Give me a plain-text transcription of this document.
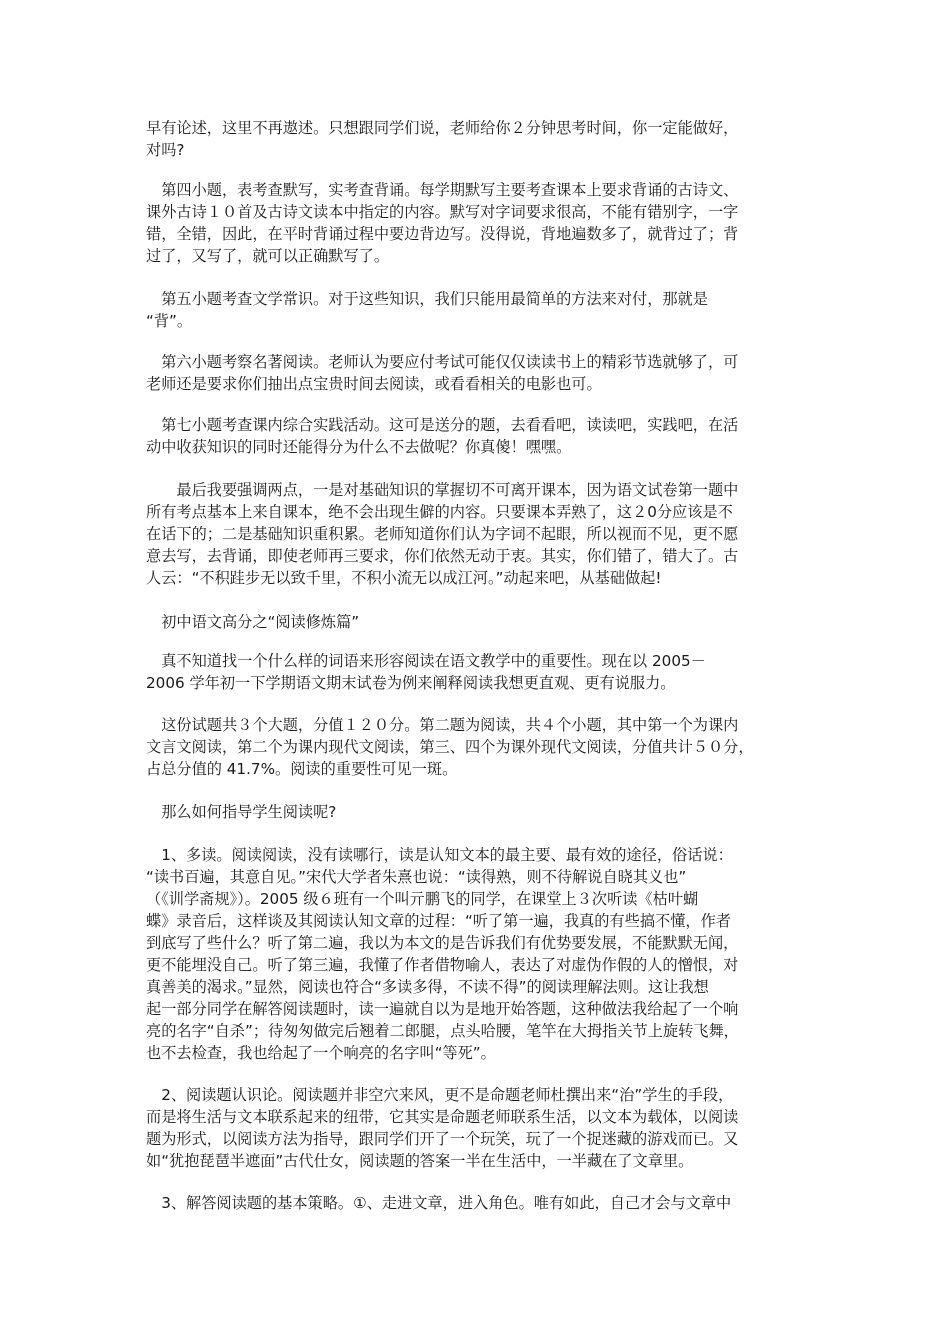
早有论述，这里不再遨述。只想跟同学们说，老师给你２分钟思考时间，你一定能做好，
对吗?
　第四小题，表考查默写，实考查背诵。每学期默写主要考查课本上要求背诵的古诗文、
课外古诗１０首及古诗文读本中指定的内容。默写对字词要求很高，不能有错别字，一字
错，全错，因此，在平时背诵过程中要边背边写。没得说，背地遍数多了，就背过了；背
过了，又写了，就可以正确默写了。
　第五小题考查文学常识。对于这些知识，我们只能用最简单的方法来对付，那就是
“背”。
　第六小题考察名著阅读。老师认为要应付考试可能仅仅读读书上的精彩节选就够了，可
老师还是要求你们抽出点宝贵时间去阅读，或看看相关的电影也可。
　第七小题考查课内综合实践活动。这可是送分的题，去看看吧，读读吧，实践吧，在活
动中收获知识的同时还能得分为什么不去做呢？你真傻！嘿嘿。
　　最后我要强调两点，一是对基础知识的掌握切不可离开课本，因为语文试卷第一题中
所有考点基本上来自课本，绝不会出现生僻的内容。只要课本弄熟了，这２0分应该是不
在话下的；二是基础知识重积累。老师知道你们认为字词不起眼，所以视而不见，更不愿
意去写，去背诵，即使老师再三要求，你们依然无动于衷。其实，你们错了，错大了。古
人云：“不积跬步无以致千里，不积小流无以成江河。”动起来吧，从基础做起!
　初中语文高分之“阅读修炼篇”
　真不知道找一个什么样的词语来形容阅读在语文教学中的重要性。现在以 2005－
2006 学年初一下学期语文期末试卷为例来阐释阅读我想更直观、更有说服力。
　这份试题共３个大题，分值１２０分。第二题为阅读，共４个小题，其中第一个为课内
文言文阅读，第二个为课内现代文阅读，第三、四个为课外现代文阅读，分值共计５０分，
占总分值的 41.7%。阅读的重要性可见一斑。
　那么如何指导学生阅读呢?
　1、多读。阅读阅读，没有读哪行，读是认知文本的最主要、最有效的途径，俗话说：
“读书百遍，其意自见。”宋代大学者朱熹也说：“读得熟，则不待解说自晓其义也”
（《训学斋规》）。2005 级６班有一个叫亓鹏飞的同学，在课堂上３次听读《枯叶蝴
蝶》录音后，这样谈及其阅读认知文章的过程：“听了第一遍，我真的有些搞不懂，作者
到底写了些什么？听了第二遍，我以为本文的是告诉我们有优势要发展，不能默默无闻，
更不能埋没自己。听了第三遍，我懂了作者借物喻人，表达了对虚伪作假的人的憎恨，对
真善美的渴求。”显然，阅读也符合“多读多得，不读不得”的阅读理解法则。这让我想
起一部分同学在解答阅读题时，读一遍就自以为是地开始答题，这种做法我给起了一个响
亮的名字“自杀”；待匆匆做完后翘着二郎腿，点头哈腰，笔竿在大拇指关节上旋转飞舞，
也不去检查，我也给起了一个响亮的名字叫“等死”。
　2、阅读题认识论。阅读题并非空穴来风，更不是命题老师杜撰出来“治”学生的手段，
而是将生活与文本联系起来的纽带，它其实是命题老师联系生活，以文本为载体，以阅读
题为形式，以阅读方法为指导，跟同学们开了一个玩笑，玩了一个捉迷藏的游戏而已。又
如“犹抱琵琶半遮面”古代仕女，阅读题的答案一半在生活中，一半藏在了文章里。
　3、解答阅读题的基本策略。①、走进文章，进入角色。唯有如此，自己才会与文章中
